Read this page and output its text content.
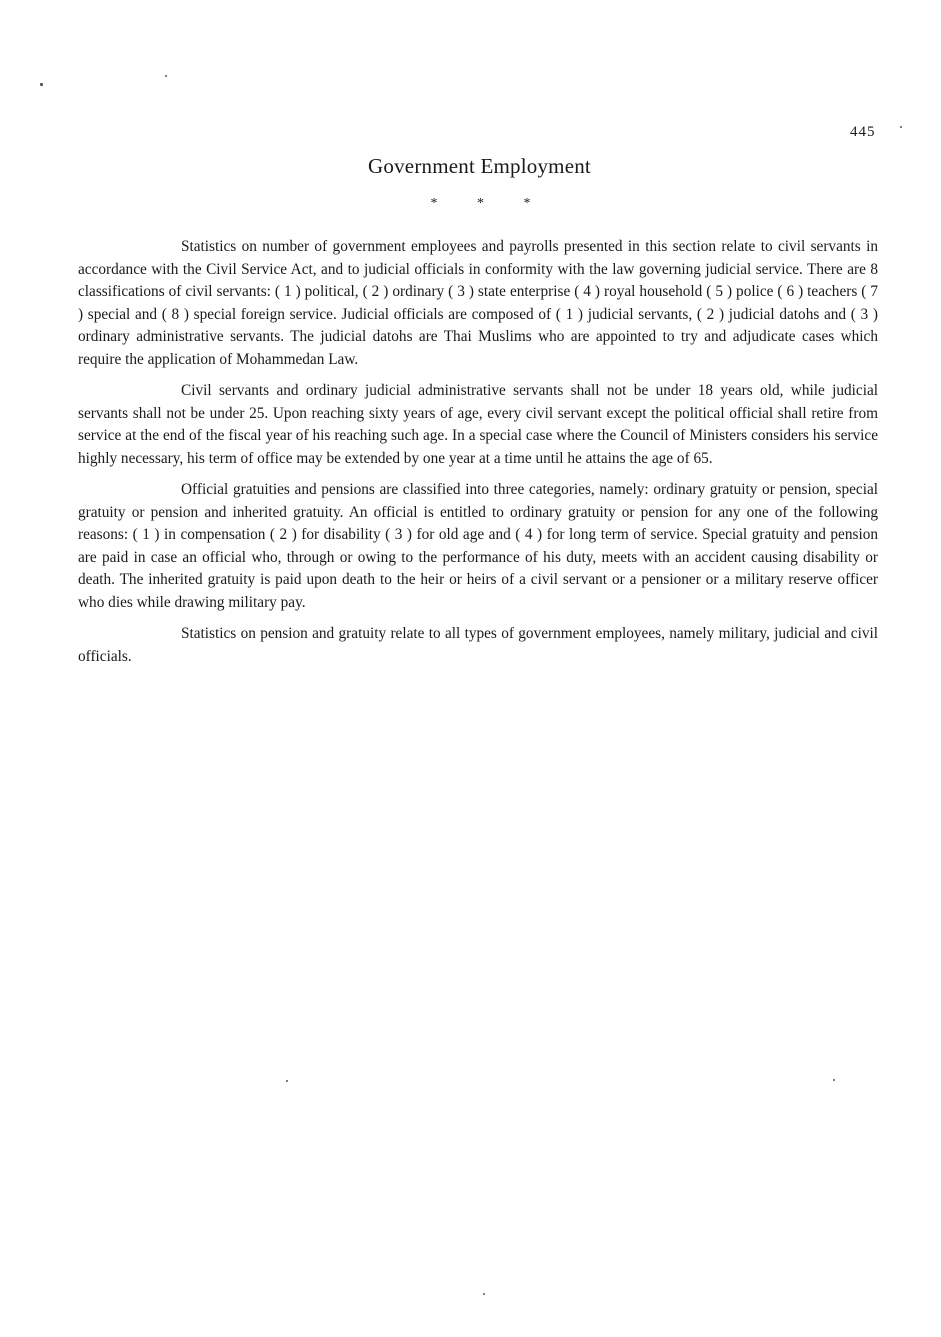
445
Government Employment
* * *

Statistics on number of government employees and payrolls presented in this section relate to civil servants in accordance with the Civil Service Act, and to judicial officials in conformity with the law governing judicial service. There are 8 classifications of civil servants: ( 1 ) political, ( 2 ) ordinary ( 3 ) state enterprise ( 4 ) royal household ( 5 ) police ( 6 ) teachers ( 7 ) special and ( 8 ) special foreign service. Judicial officials are composed of ( 1 ) judicial servants, ( 2 ) judicial datohs and ( 3 ) ordinary administrative servants. The judicial datohs are Thai Muslims who are appointed to try and adjudicate cases which require the application of Mohammedan Law.

Civil servants and ordinary judicial administrative servants shall not be under 18 years old, while judicial servants shall not be under 25. Upon reaching sixty years of age, every civil servant except the political official shall retire from service at the end of the fiscal year of his reaching such age. In a special case where the Council of Ministers considers his service highly necessary, his term of office may be extended by one year at a time until he attains the age of 65.

Official gratuities and pensions are classified into three categories, namely: ordinary gratuity or pension, special gratuity or pension and inherited gratuity. An official is entitled to ordinary gratuity or pension for any one of the following reasons: ( 1 ) in compensation ( 2 ) for disability ( 3 ) for old age and ( 4 ) for long term of service. Special gratuity and pension are paid in case an official who, through or owing to the performance of his duty, meets with an accident causing disability or death. The inherited gratuity is paid upon death to the heir or heirs of a civil servant or a pensioner or a military reserve officer who dies while drawing military pay.

Statistics on pension and gratuity relate to all types of government employees, namely military, judicial and civil officials.
